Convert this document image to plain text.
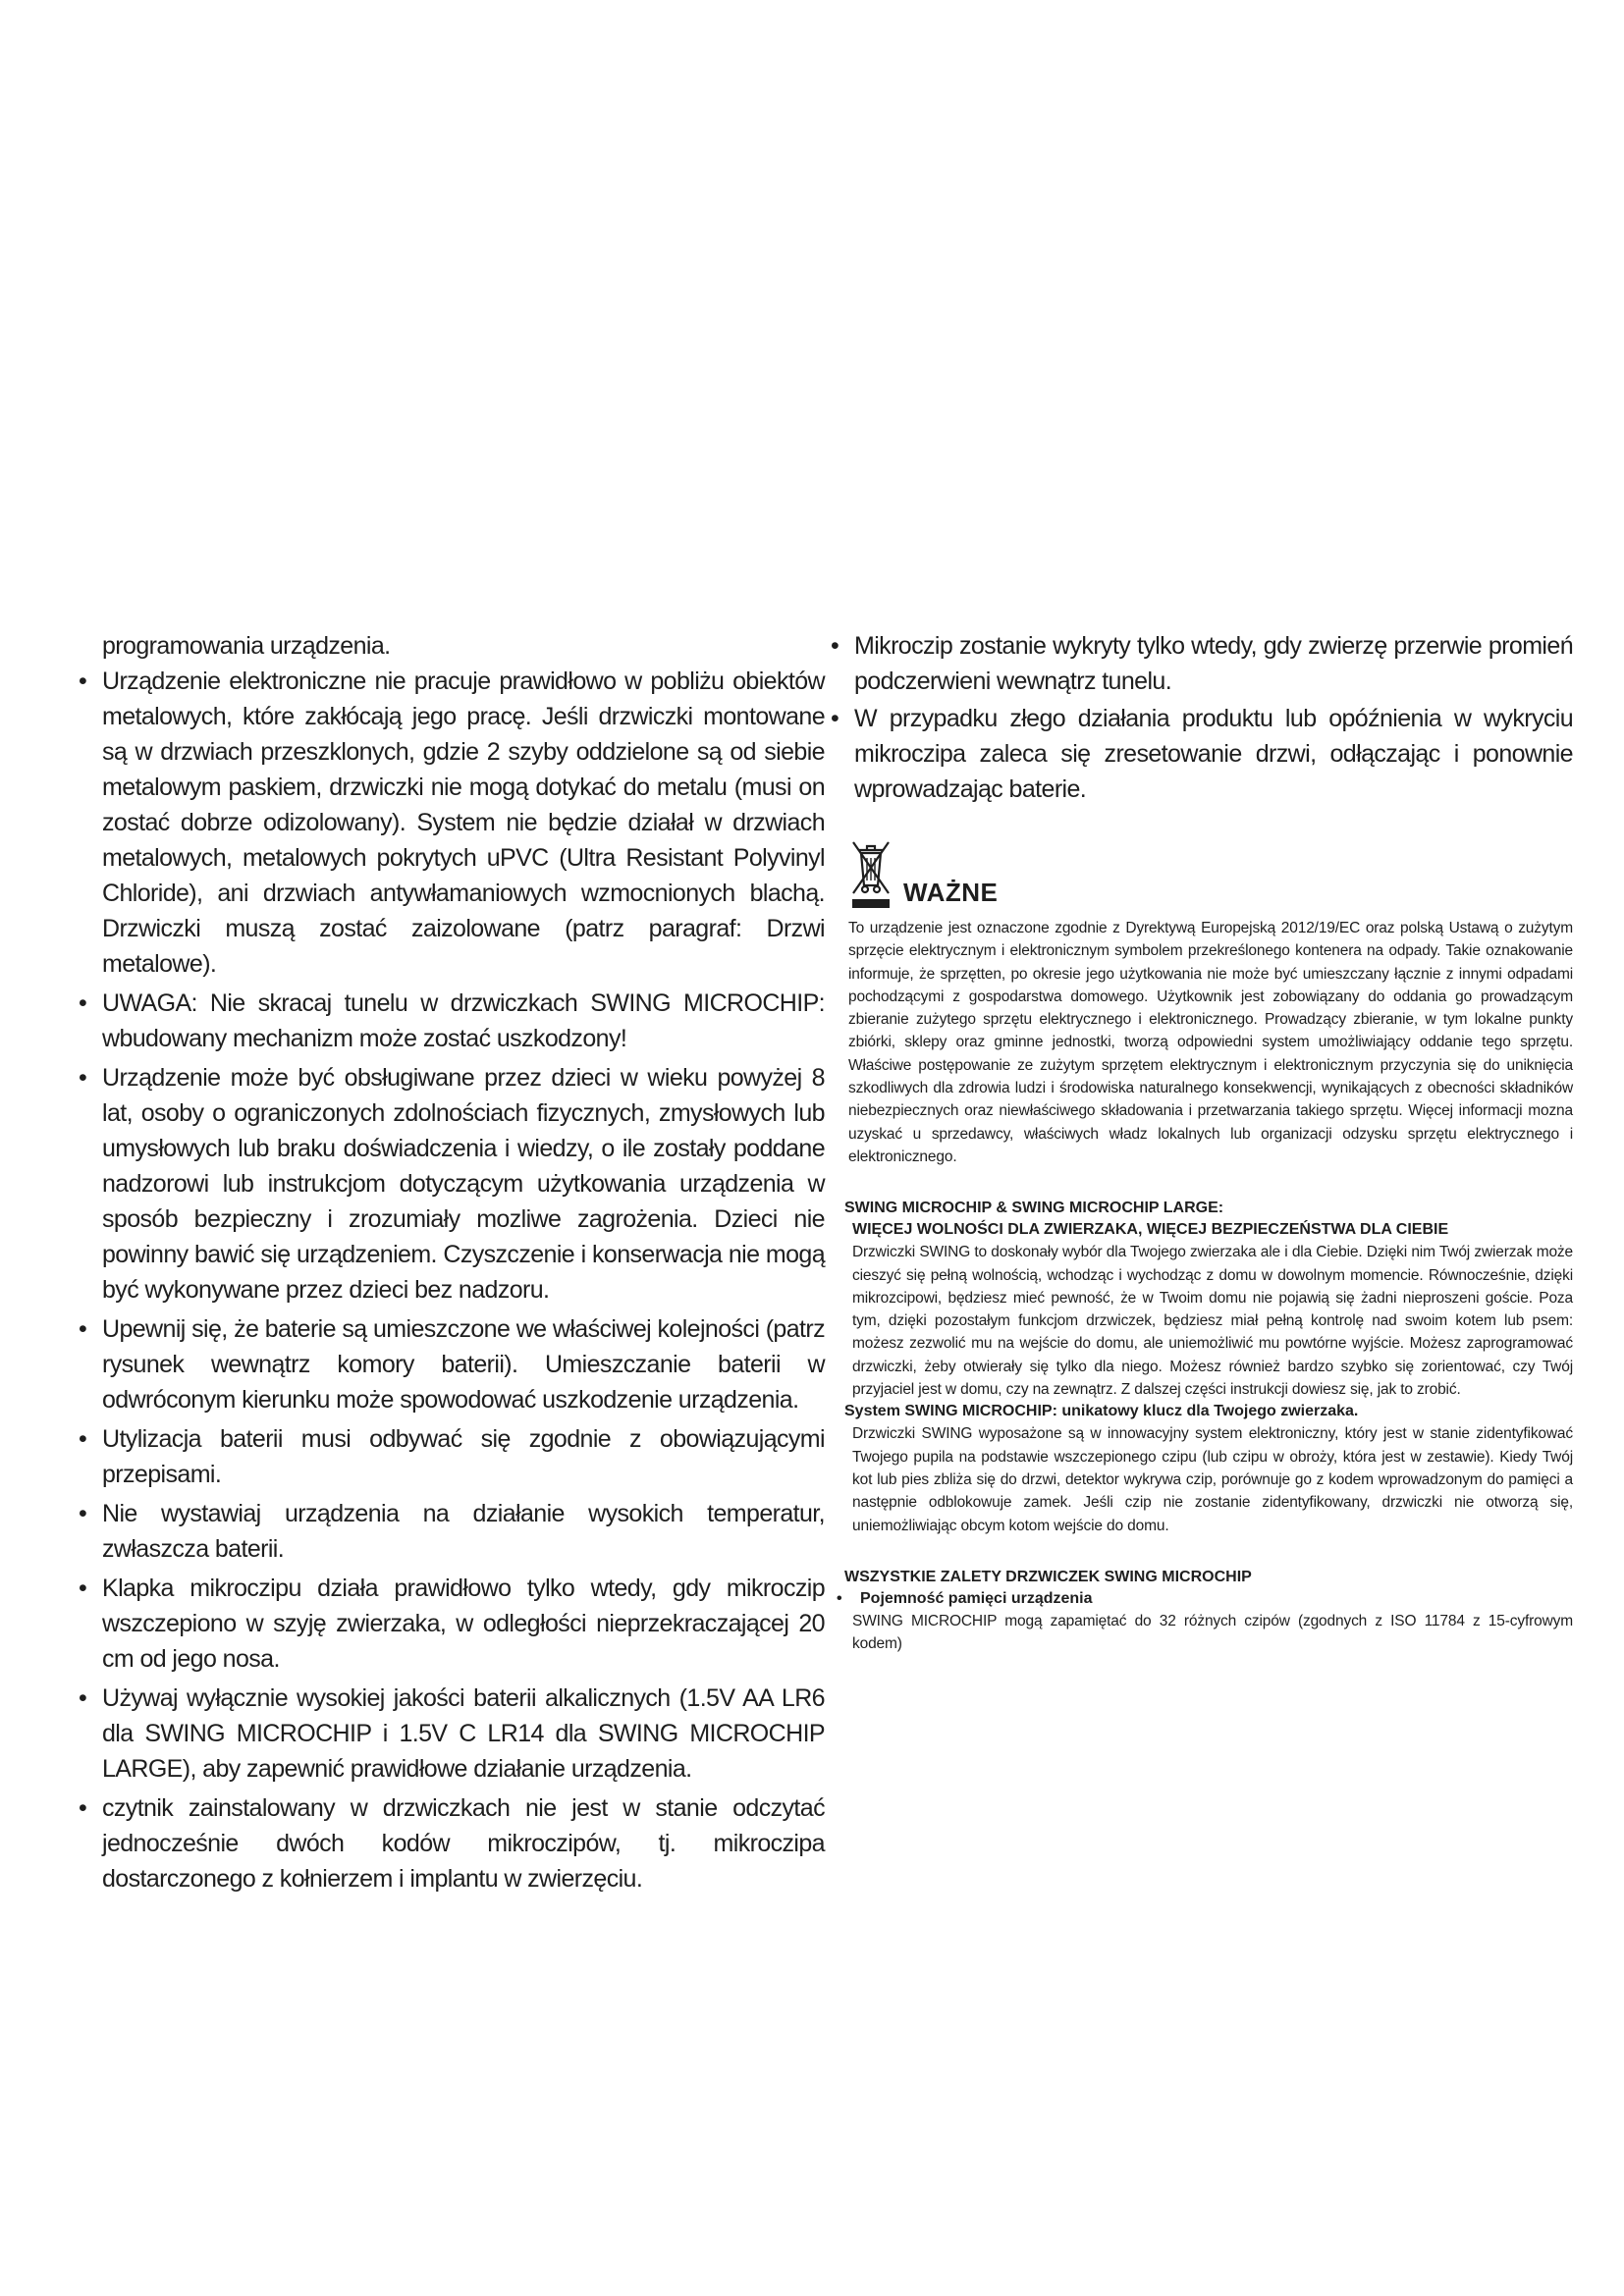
programowania urządzenia.

• Urządzenie elektroniczne nie pracuje prawidłowo w pobliżu obiektów metalowych, które zakłócają jego pracę. Jeśli drzwiczki montowane są w drzwiach przeszklonych, gdzie 2 szyby oddzielone są od siebie metalowym paskiem, drzwiczki nie mogą dotykać do metalu (musi on zostać dobrze odizolowany). System nie będzie działał w drzwiach metalowych, metalowych pokrytych uPVC (Ultra Resistant Polyvinyl Chloride), ani drzwiach antywłamaniowych wzmocnionych blachą. Drzwiczki muszą zostać zaizolowane (patrz paragraf: Drzwi metalowe).

• UWAGA: Nie skracaj tunelu w drzwiczkach SWING MICROCHIP: wbudowany mechanizm może zostać uszkodzony!

• Urządzenie może być obsługiwane przez dzieci w wieku powyżej 8 lat, osoby o ograniczonych zdolnościach fizycznych, zmysłowych lub umysłowych lub braku doświadczenia i wiedzy, o ile zostały poddane nadzorowi lub instrukcjom dotyczącym użytkowania urządzenia w sposób bezpieczny i zrozumiały mozliwe zagrożenia. Dzieci nie powinny bawić się urządzeniem. Czyszczenie i konserwacja nie mogą być wykonywane przez dzieci bez nadzoru.

• Upewnij się, że baterie są umieszczone we właściwej kolejności (patrz rysunek wewnątrz komory baterii). Umieszczanie baterii w odwróconym kierunku może spowodować uszkodzenie urządzenia.

• Utylizacja baterii musi odbywać się zgodnie z obowiązującymi przepisami.

• Nie wystawiaj urządzenia na działanie wysokich temperatur, zwłaszcza baterii.

• Klapka mikroczipu działa prawidłowo tylko wtedy, gdy mikroczip wszczepiono w szyję zwierzaka, w odległości nieprzekraczającej 20 cm od jego nosa.

• Używaj wyłącznie wysokiej jakości baterii alkalicznych (1.5V AA LR6 dla SWING MICROCHIP i 1.5V C LR14 dla SWING MICROCHIP LARGE), aby zapewnić prawidłowe działanie urządzenia.

• czytnik zainstalowany w drzwiczkach nie jest w stanie odczytać jednocześnie dwóch kodów mikroczipów, tj. mikroczipa dostarczonego z kołnierzem i implantu w zwierzęciu.

• Mikroczip zostanie wykryty tylko wtedy, gdy zwierzę przerwie promień podczerwieni wewnątrz tunelu.

• W przypadku złego działania produktu lub opóźnienia w wykryciu mikroczipa zaleca się zresetowanie drzwi, odłączając i ponownie wprowadzając baterie.

WAŻNE

To urządzenie jest oznaczone zgodnie z Dyrektywą Europejską 2012/19/EC oraz polską Ustawą o zużytym sprzęcie elektrycznym i elektronicznym symbolem przekreślonego kontenera na odpady. Takie oznakowanie informuje, że sprzętten, po okresie jego użytkowania nie może być umieszczany łącznie z innymi odpadami pochodzącymi z gospodarstwa domowego. Użytkownik jest zobowiązany do oddania go prowadzącym zbieranie zużytego sprzętu elektrycznego i elektronicznego. Prowadzący zbieranie, w tym lokalne punkty zbiórki, sklepy oraz gminne jednostki, tworzą odpowiedni system umożliwiający oddanie tego sprzętu. Właściwe postępowanie ze zużytym sprzętem elektrycznym i elektronicznym przyczynia się do uniknięcia szkodliwych dla zdrowia ludzi i środowiska naturalnego konsekwencji, wynikających z obecności składników niebezpiecznych oraz niewłaściwego składowania i przetwarzania takiego sprzętu. Więcej informacji mozna uzyskać u sprzedawcy, właściwych władz lokalnych lub organizacji odzysku sprzętu elektrycznego i elektronicznego.

SWING MICROCHIP & SWING MICROCHIP LARGE:

WIĘCEJ WOLNOŚCI DLA ZWIERZAKA, WIĘCEJ BEZPIECZEŃSTWA DLA CIEBIE

Drzwiczki SWING to doskonały wybór dla Twojego zwierzaka ale i dla Ciebie. Dzięki nim Twój zwierzak może cieszyć się pełną wolnością, wchodząc i wychodząc z domu w dowolnym momencie. Równocześnie, dzięki mikrozcipowi, będziesz mieć pewność, że w Twoim domu nie pojawią się żadni nieproszeni goście. Poza tym, dzięki pozostałym funkcjom drzwiczek, będziesz miał pełną kontrolę nad swoim kotem lub psem: możesz zezwolić mu na wejście do domu, ale uniemożliwić mu powtórne wyjście. Możesz zaprogramować drzwiczki, żeby otwierały się tylko dla niego. Możesz również bardzo szybko się zorientować, czy Twój przyjaciel jest w domu, czy na zewnątrz. Z dalszej części instrukcji dowiesz się, jak to zrobić.

System SWING MICROCHIP: unikatowy klucz dla Twojego zwierzaka.

Drzwiczki SWING wyposażone są w innowacyjny system elektroniczny, który jest w stanie zidentyfikować Twojego pupila na podstawie wszczepionego czipu (lub czipu w obroży, która jest w zestawie). Kiedy Twój kot lub pies zbliża się do drzwi, detektor wykrywa czip, porównuje go z kodem wprowadzonym do pamięci a następnie odblokowuje zamek. Jeśli czip nie zostanie zidentyfikowany, drzwiczki nie otworzą się, uniemożliwiając obcym kotom wejście do domu.

WSZYSTKIE ZALETY DRZWICZEK SWING MICROCHIP

• Pojemność pamięci urządzenia

SWING MICROCHIP mogą zapamiętać do 32 różnych czipów (zgodnych z ISO 11784 z 15-cyfrowym kodem)
